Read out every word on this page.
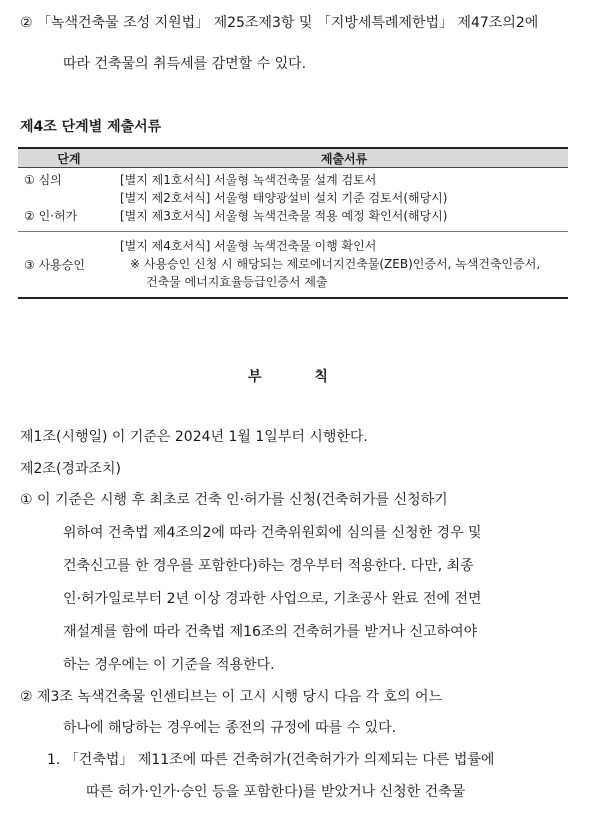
② 「녹색건축물 조성 지원법」 제25조제3항 및 「지방세특례제한법」 제47조의2에
따라 건축물의 취득세를 감면할 수 있다.
제4조 단계별 제출서류
단계	제출서류

① 심의	[별지 제1호서식] 서울형 녹색건축물 설계 검토서
[별지 제2호서식] 서울형 태양광설비 설치 기준 검토서(해당시)

② 인·허가	[별지 제3호서식] 서울형 녹색건축물 적용 예정 확인서(해당시)

③ 사용승인	[별지 제4호서식] 서울형 녹색건축물 이행 확인서
※ 사용승인 신청 시 해당되는 제로에너지건축물(ZEB)인증서, 녹색건축인증서,
건축물 에너지효율등급인증서 제출
부 칙
제1조(시행일) 이 기준은 2024년 1월 1일부터 시행한다.
제2조(경과조치)
① 이 기준은 시행 후 최초로 건축 인·허가를 신청(건축허가를 신청하기
위하여 건축법 제4조의2에 따라 건축위원회에 심의를 신청한 경우 및
건축신고를 한 경우를 포함한다)하는 경우부터 적용한다. 다만, 최종
인·허가일로부터 2년 이상 경과한 사업으로, 기초공사 완료 전에 전면
재설계를 함에 따라 건축법 제16조의 건축허가를 받거나 신고하여야
하는 경우에는 이 기준을 적용한다.
② 제3조 녹색건축물 인센티브는 이 고시 시행 당시 다음 각 호의 어느
하나에 해당하는 경우에는 종전의 규정에 따를 수 있다.
1. 「건축법」 제11조에 따른 건축허가(건축허가가 의제되는 다른 법률에
따른 허가·인가·승인 등을 포함한다)를 받았거나 신청한 건축물
